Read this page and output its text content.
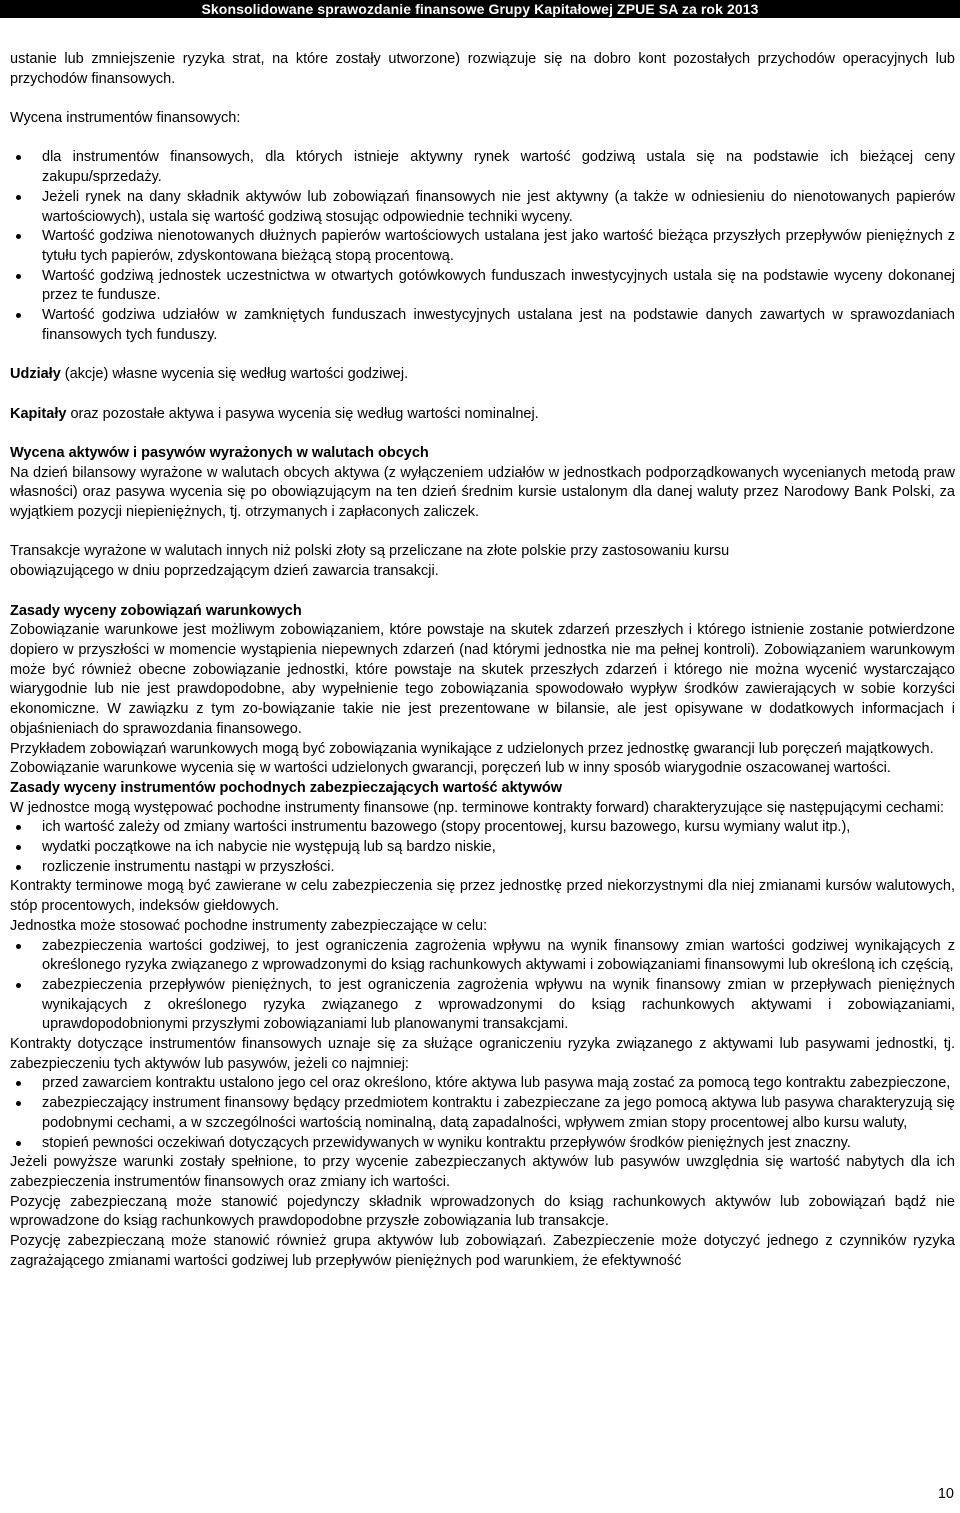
Skonsolidowane sprawozdanie finansowe Grupy Kapitałowej ZPUE SA za rok 2013

ustanie lub zmniejszenie ryzyka strat, na które zostały utworzone) rozwiązuje się na dobro kont pozostałych przychodów operacyjnych lub przychodów finansowych.

Wycena instrumentów finansowych:

dla instrumentów finansowych, dla których istnieje aktywny rynek wartość godziwą ustala się na podstawie ich bieżącej ceny zakupu/sprzedaży.
Jeżeli rynek na dany składnik aktywów lub zobowiązań finansowych nie jest aktywny (a także w odniesieniu do nienotowanych papierów wartościowych), ustala się wartość godziwą stosując odpowiednie techniki wyceny.
Wartość godziwa nienotowanych dłużnych papierów wartościowych ustalana jest jako wartość bieżąca przyszłych przepływów pieniężnych z tytułu tych papierów, zdyskontowana bieżącą stopą procentową.
Wartość godziwą jednostek uczestnictwa w otwartych gotówkowych funduszach inwestycyjnych ustala się na podstawie wyceny dokonanej przez te fundusze.
Wartość godziwa udziałów w zamkniętych funduszach inwestycyjnych ustalana jest na podstawie danych zawartych w sprawozdaniach finansowych tych funduszy.

Udziały (akcje) własne wycenia się według wartości godziwej.

Kapitały oraz pozostałe aktywa i pasywa wycenia się według wartości nominalnej.

Wycena aktywów i pasywów wyrażonych w walutach obcych

Na dzień bilansowy wyrażone w walutach obcych aktywa (z wyłączeniem udziałów w jednostkach podporządkowanych wycenianych metodą praw własności) oraz pasywa wycenia się po obowiązującym na ten dzień średnim kursie ustalonym dla danej waluty przez Narodowy Bank Polski, za wyjątkiem pozycji niepieniężnych, tj. otrzymanych i zapłaconych zaliczek.

Transakcje wyrażone w walutach innych niż polski złoty są przeliczane na złote polskie przy zastosowaniu kursu
obowiązującego w dniu poprzedzającym dzień zawarcia transakcji.

Zasady wyceny zobowiązań warunkowych

Zobowiązanie warunkowe jest możliwym zobowiązaniem, które powstaje na skutek zdarzeń przeszłych i którego istnienie zostanie potwierdzone dopiero w przyszłości w momencie wystąpienia niepewnych zdarzeń (nad którymi jednostka nie ma pełnej kontroli). Zobowiązaniem warunkowym może być również obecne zobowiązanie jednostki, które powstaje na skutek przeszłych zdarzeń i którego nie można wycenić wystarczająco wiarygodnie lub nie jest prawdopodobne, aby wypełnienie tego zobowiązania spowodowało wypływ środków zawierających w sobie korzyści ekonomiczne. W zawiązku z tym zo-bowiązanie takie nie jest prezentowane w bilansie, ale jest opisywane w dodatkowych informacjach i objaśnieniach do sprawozdania finansowego.

Przykładem zobowiązań warunkowych mogą być zobowiązania wynikające z udzielonych przez jednostkę gwarancji lub poręczeń majątkowych.

Zobowiązanie warunkowe wycenia się w wartości udzielonych gwarancji, poręczeń lub w inny sposób wiarygodnie oszacowanej wartości.

Zasady wyceny instrumentów pochodnych zabezpieczających wartość aktywów

W jednostce mogą występować pochodne instrumenty finansowe (np. terminowe kontrakty forward) charakteryzujące się następującymi cechami:

ich wartość zależy od zmiany wartości instrumentu bazowego (stopy procentowej, kursu bazowego, kursu wymiany walut itp.),
wydatki początkowe na ich nabycie nie występują lub są bardzo niskie,
rozliczenie instrumentu nastąpi w przyszłości.

Kontrakty terminowe mogą być zawierane w celu zabezpieczenia się przez jednostkę przed niekorzystnymi dla niej zmianami kursów walutowych, stóp procentowych, indeksów giełdowych.

Jednostka może stosować pochodne instrumenty zabezpieczające w celu:

zabezpieczenia wartości godziwej, to jest ograniczenia zagrożenia wpływu na wynik finansowy zmian wartości godziwej wynikających z określonego ryzyka związanego z wprowadzonymi do ksiąg rachunkowych aktywami i zobowiązaniami finansowymi lub określoną ich częścią,
zabezpieczenia przepływów pieniężnych, to jest ograniczenia zagrożenia wpływu na wynik finansowy zmian w przepływach pieniężnych wynikających z określonego ryzyka związanego z wprowadzonymi do ksiąg rachunkowych aktywami i zobowiązaniami, uprawdopodobnionymi przyszłymi zobowiązaniami lub planowanymi transakcjami.

Kontrakty dotyczące instrumentów finansowych uznaje się za służące ograniczeniu ryzyka związanego z aktywami lub pasywami jednostki, tj. zabezpieczeniu tych aktywów lub pasywów, jeżeli co najmniej:

przed zawarciem kontraktu ustalono jego cel oraz określono, które aktywa lub pasywa mają zostać za pomocą tego kontraktu zabezpieczone,
zabezpieczający instrument finansowy będący przedmiotem kontraktu i zabezpieczane za jego pomocą aktywa lub pasywa charakteryzują się podobnymi cechami, a w szczególności wartością nominalną, datą zapadalności, wpływem zmian stopy procentowej albo kursu waluty,
stopień pewności oczekiwań dotyczących przewidywanych w wyniku kontraktu przepływów środków pieniężnych jest znaczny.

Jeżeli powyższe warunki zostały spełnione, to przy wycenie zabezpieczanych aktywów lub pasywów uwzględnia się wartość nabytych dla ich zabezpieczenia instrumentów finansowych oraz zmiany ich wartości.

Pozycję zabezpieczaną może stanowić pojedynczy składnik wprowadzonych do ksiąg rachunkowych aktywów lub zobowiązań bądź nie wprowadzone do ksiąg rachunkowych prawdopodobne przyszłe zobowiązania lub transakcje.

Pozycję zabezpieczaną może stanowić również grupa aktywów lub zobowiązań. Zabezpieczenie może dotyczyć jednego z czynników ryzyka zagrażającego zmianami wartości godziwej lub przepływów pieniężnych pod warunkiem, że efektywność

10
